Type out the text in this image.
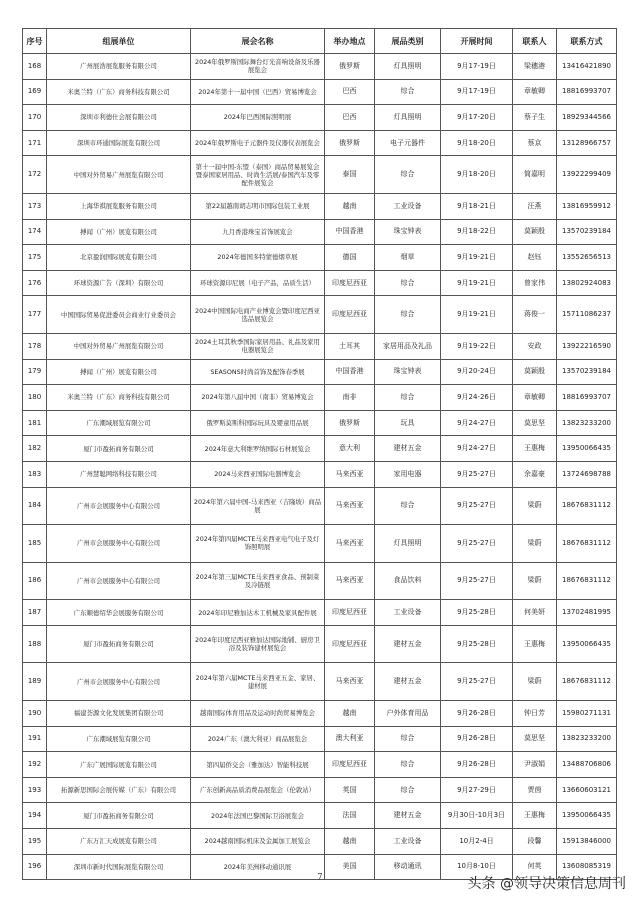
序号	组展单位	展会名称	举办地点	展品类别	开展时间	联系人	联系方式
168	广州展浩展览服务有限公司	2024年俄罗斯国际舞台灯光音响设备及乐器展览会	俄罗斯	灯具照明	9月17-19日	梁穗港	13416421890
169	米奥兰特（广东）商务科技有限公司	2024年第十一届中国（巴西）贸易博览会	巴西	综合	9月17-19日	章敏卿	18816993707
170	深圳市利德仕会展有限公司	2024年巴西国际照明展	巴西	灯具照明	9月17-20日	蔡子生	18929344566
171	深圳市环通国际展览有限公司	2024年俄罗斯电子元器件及仪器仪表展览会	俄罗斯	电子元器件	9月18-20日	蔡京	13128966757
172	中国对外贸易广州展览有限公司	第十一届中国-东盟（泰国）商品贸易展览会暨泰国家居用品、时尚生活展/泰国汽车及零配件展览会	泰国	综合	9月18-20日	简嘉明	13922299409
173	上海华祺展览服务有限公司	第22届越南胡志明市国际包装工业展	越南	工业设备	9月18-21日	汪燕	13816959912
174	搏闻（广州）展览有限公司	九月香港珠宝首饰展览会	中国香港	珠宝钟表	9月18-22日	莫颖殷	13570239184
175	北京盈润国际展览有限公司	2024年德国多特蒙德烟草展	德国	烟草	9月19-21日	赵钰	13552656513
176	环球资源广告（深圳）有限公司	环球资源印尼展（电子产品，品质生活）	印度尼西亚	综合	9月19-21日	曾家伟	13802924083
177	中国国际贸易促进委员会商业行业委员会	2024中国国际电商产业博览会暨印度尼西亚选品展览会	印度尼西亚	综合	9月19-21日	蒋俊一	15711086237
178	中国对外贸易广州展览有限公司	2024土耳其秋季国际家居用品、礼品及家用电器展览会	土耳其	家居用品及礼品	9月19-22日	安政	13922216590
179	搏闻（广州）展览有限公司	SEASONS时尚首饰及配饰春季展	中国香港	珠宝钟表	9月20-24日	莫颖殷	13570239184
180	米奥兰特（广东）商务科技有限公司	2024年第八届中国（南非）贸易博览会	南非	综合	9月24-26日	章敏卿	18816993707
181	广东潮域展览有限公司	俄罗斯莫斯科国际玩具及婴童用品展	俄罗斯	玩具	9月24-27日	莫思坚	13823233200
182	厦门市盈拓商务有限公司	2024年意大利维罗纳国际石材展览会	意大利	建材五金	9月24-27日	王惠梅	13950066435
183	广州慧聪网络科技有限公司	2024马来西亚国际电器博览会	马来西亚	家用电器	9月25-27日	余嘉豪	13724698788
184	广州市会展服务中心有限公司	2024年第六届中国-马来西亚（吉隆坡）商品展	马来西亚	综合	9月25-27日	梁蔚	18676831112
185	广州市会展服务中心有限公司	2024年第四届MCTE马来西亚电气电子及灯饰照明展	马来西亚	灯具照明	9月25-27日	梁蔚	18676831112
186	广州市会展服务中心有限公司	2024年第三届MCTE马来西亚食品、预制菜及冷链展	马来西亚	食品饮料	9月25-27日	梁蔚	18676831112
187	广东顺德绍华会展服务有限公司	2024年印尼雅加达木工机械及家具配件展	印度尼西亚	工业设备	9月25-28日	何美妍	13702481995
188	厦门市盈拓商务有限公司	2024年印度尼西亚雅加达国际地铺、厨房卫浴及装饰建材展览会	印度尼西亚	建材五金	9月25-28日	王惠梅	13950066435
189	广州市会展服务中心有限公司	2024年第六届MCTE马来西亚五金、家居、建材展	马来西亚	建材五金	9月25-27日	梁蔚	18676831112
190	福建荟源文化发展集团有限公司	越南国际体育用品及运动时尚贸易博览会	越南	户外体育用品	9月26-28日	钟日芳	15980271131
191	广东潮域展览有限公司	2024广东（澳大利亚）商品展览会	澳大利亚	综合	9月26-28日	莫思坚	13823233200
192	广东广展国际展览有限公司	第四届侨交会（雅加达）智能科技展	印度尼西亚	综合	9月26-28日	尹淑娟	13488706806
193	拓源新思国际会展传媒（广东）有限公司	广东创新高品质消费品展览会（伦敦站）	英国	综合	9月27-29日	贾茵	13660603121
194	厦门市盈拓商务有限公司	2024年法国巴黎国际卫浴展览会	法国	建材五金	9月30日-10月3日	王惠梅	13950066435
195	广东万汇天成展览有限公司	2024越南国际机床及金属加工展览会	越南	工业设备	10月2-4日	段馨	15913846000
196	深圳市新时代国际展览有限公司	2024年美洲移动通讯展	美国	移动通讯	10月8-10日	何英	13608085319
7	头条 @领导决策信息周刊
